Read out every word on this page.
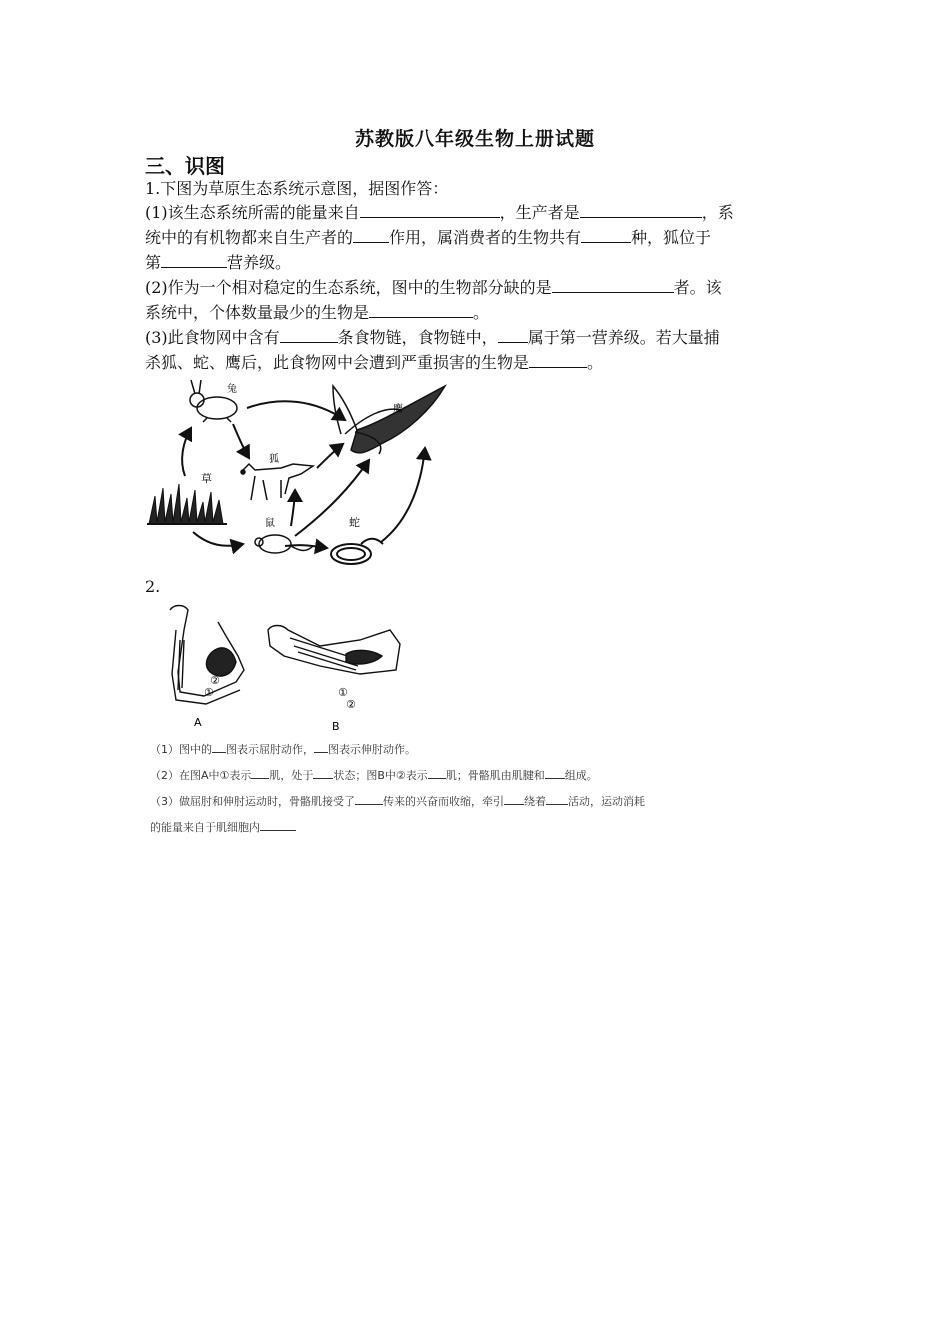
苏教版八年级生物上册试题
三、识图
1.下图为草原生态系统示意图，据图作答：
(1)该生态系统所需的能量来自	，生产者是	，系
统中的有机物都来自生产者的 作用，属消费者的生物共有	种，狐位于
第	营养级。
(2)作为一个相对稳定的生态系统，图中的生物部分缺的是	者。该
系统中，个体数量最少的生物是	。
(3)此食物网中含有	条食物链，食物链中， 属于第一营养级。若大量捕
杀狐、蛇、鹰后，此食物网中会遭到严重损害的生物是	。
草
兔
鹰
狐
鼠	蛇
2.
①
②
A
①
②
B
（1）图中的 图表示屈肘动作， 图表示伸肘动作。
（2）在图A中①表示 肌，处于 状态；图B中②表示 肌；骨骼肌由肌腱和 组成。
（3）做屈肘和伸肘运动时，骨骼肌接受了	传来的兴奋而收缩，牵引 绕着 活动，运动消耗
的能量来自于肌细胞内
